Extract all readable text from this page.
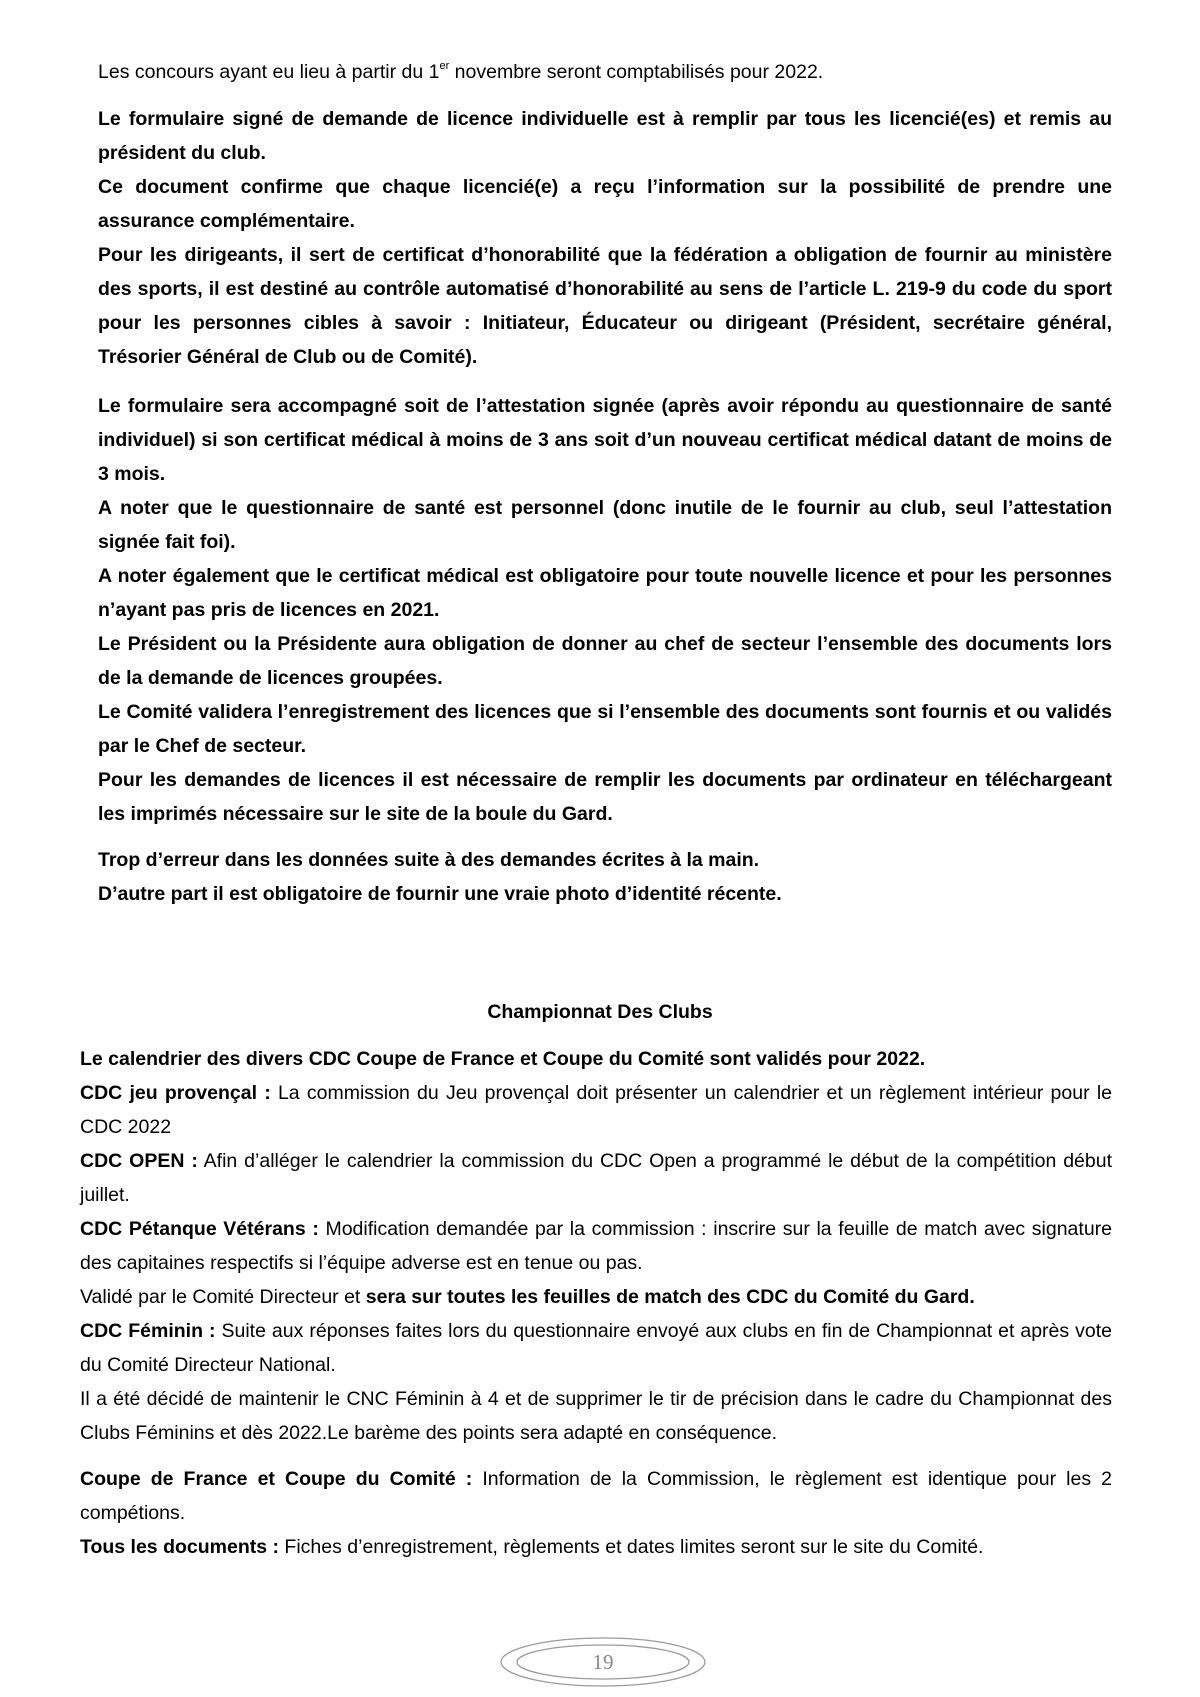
Les concours ayant eu lieu à partir du 1er novembre seront comptabilisés pour 2022.

Le formulaire signé de demande de licence individuelle est à remplir par tous les licencié(es) et remis au président du club.

Ce document confirme que chaque licencié(e) a reçu l’information sur la possibilité de prendre une assurance complémentaire.

Pour les dirigeants, il sert de certificat d’honorabilité que la fédération a obligation de fournir au ministère des sports, il est destiné au contrôle automatisé d’honorabilité au sens de l’article L. 219-9 du code du sport pour les personnes cibles à savoir : Initiateur, Éducateur ou dirigeant (Président, secrétaire général, Trésorier Général de Club ou de Comité).

Le formulaire sera accompagné soit de l’attestation signée (après avoir répondu au questionnaire de santé individuel) si son certificat médical à moins de 3 ans soit d’un nouveau certificat médical datant de moins de 3 mois.

A noter que le questionnaire de santé est personnel (donc inutile de le fournir au club, seul l’attestation signée fait foi).

A noter également que le certificat médical est obligatoire pour toute nouvelle licence et pour les personnes n’ayant pas pris de licences en 2021.

Le Président ou la Présidente aura obligation de donner au chef de secteur l’ensemble des documents lors de la demande de licences groupées.

Le Comité validera l’enregistrement des licences que si l’ensemble des documents sont fournis et ou validés par le Chef de secteur.

Pour les demandes de licences il est nécessaire de remplir les documents par ordinateur en téléchargeant les imprimés nécessaire sur le site de la boule du Gard.

Trop d’erreur dans les données suite à des demandes écrites à la main.

D’autre part il est obligatoire de fournir une vraie photo d’identité récente.

Championnat Des Clubs

Le calendrier des divers CDC Coupe de France et Coupe du Comité sont validés pour 2022.

CDC jeu provençal : La commission du Jeu provençal doit présenter un calendrier et un règlement intérieur pour le CDC 2022

CDC OPEN : Afin d’alléger le calendrier la commission du CDC Open a programmé le début de la compétition début juillet.

CDC Pétanque Vétérans : Modification demandée par la commission : inscrire sur la feuille de match avec signature des capitaines respectifs si l’équipe adverse est en tenue ou pas.

Validé par le Comité Directeur et sera sur toutes les feuilles de match des CDC du Comité du Gard.

CDC Féminin : Suite aux réponses faites lors du questionnaire envoyé aux clubs en fin de Championnat et après vote du Comité Directeur National.

Il a été décidé de maintenir le CNC Féminin à 4 et de supprimer le tir de précision dans le cadre du Championnat des Clubs Féminins et dès 2022.Le barème des points sera adapté en conséquence.

Coupe de France et Coupe du Comité : Information de la Commission, le règlement est identique pour les 2 compétions.

Tous les documents : Fiches d’enregistrement, règlements et dates limites seront sur le site du Comité.

19
